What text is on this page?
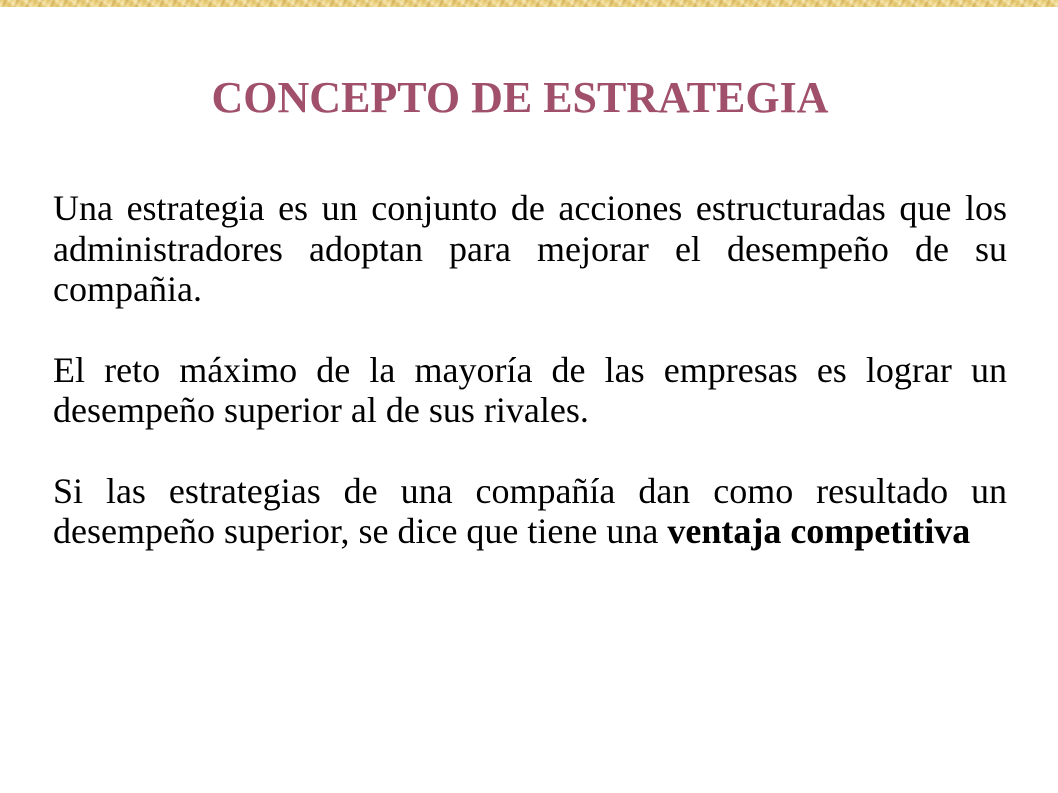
CONCEPTO DE ESTRATEGIA

Una estrategia es un conjunto de acciones estructuradas que los administradores adoptan para mejorar el desempeño de su compañia.

El reto máximo de la mayoría de las empresas es lograr un desempeño superior al de sus rivales.

Si las estrategias de una compañía dan como resultado un desempeño superior, se dice que tiene una ventaja competitiva
